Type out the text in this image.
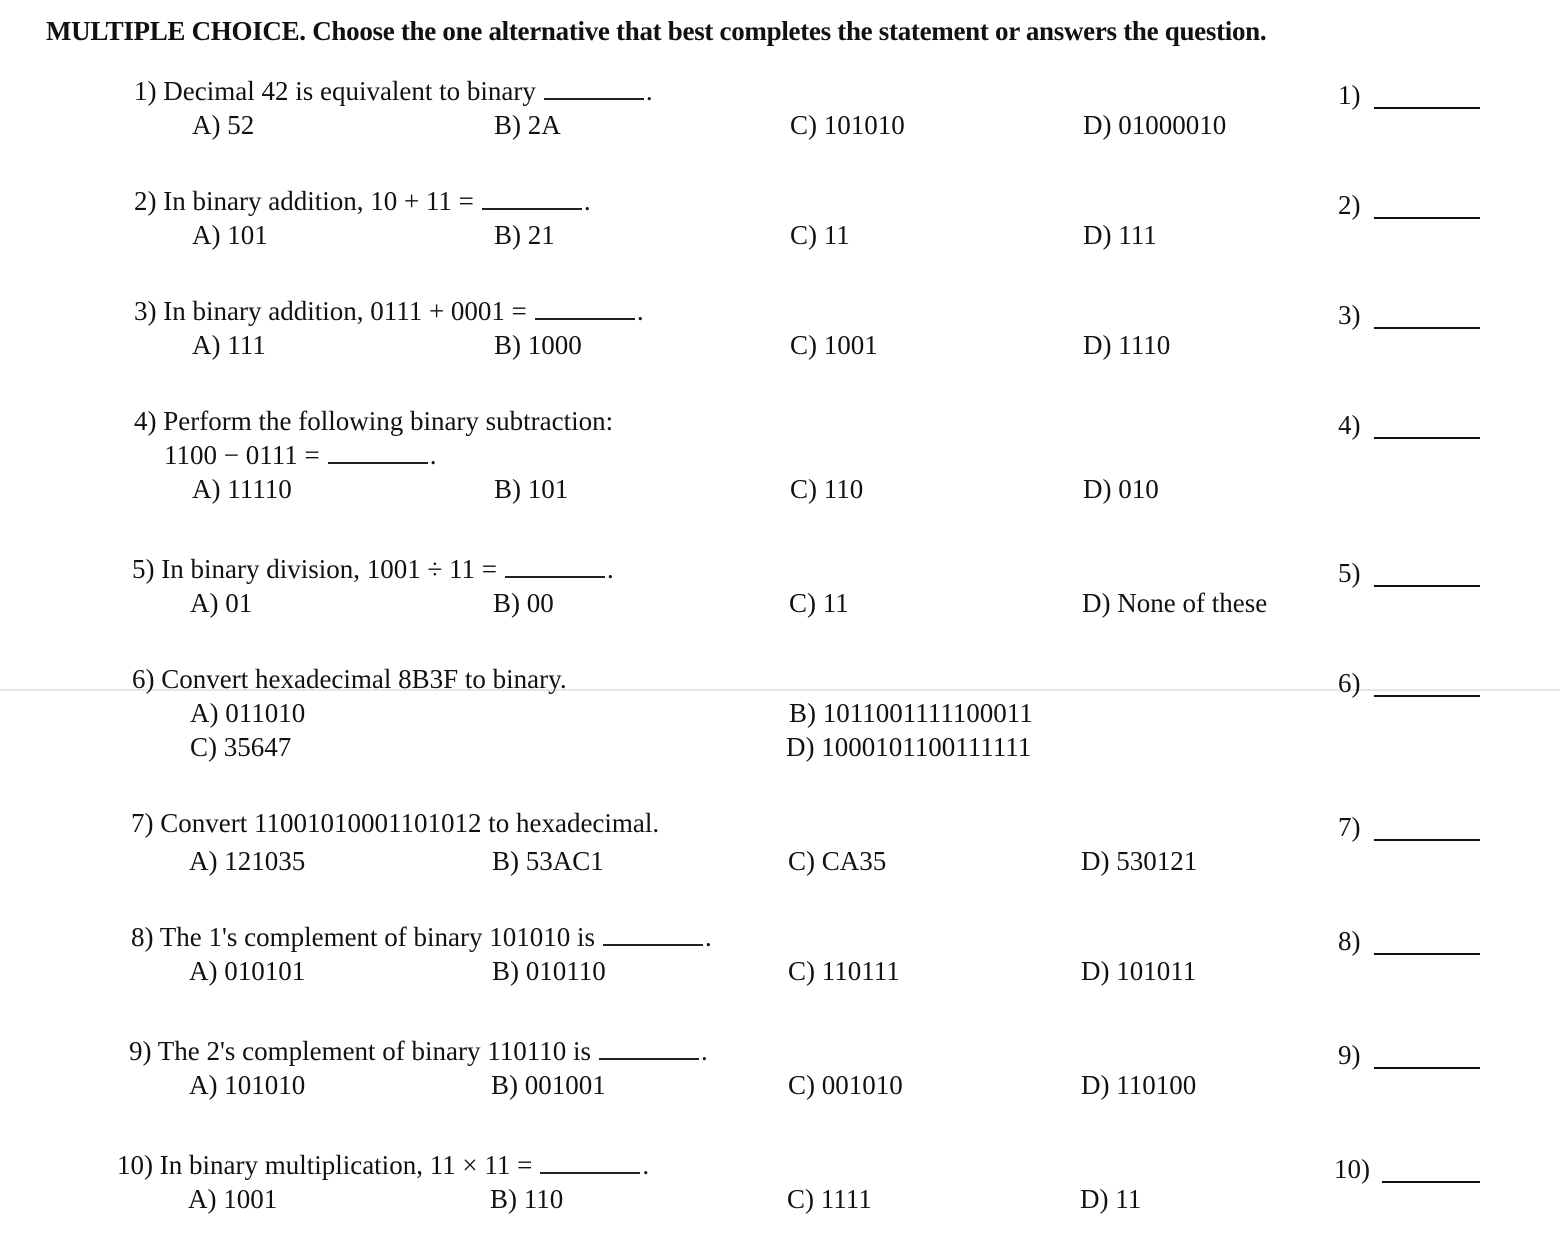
MULTIPLE CHOICE. Choose the one alternative that best completes the statement or answers the question.
1) Decimal 42 is equivalent to binary	.
A) 52	B) 2A	C) 101010	D) 01000010
1)
2) In binary addition, 10 + 11 =	.
A) 101	B) 21	C) 11	D) 111
2)
3) In binary addition, 0111 + 0001 =	.
A) 111	B) 1000	C) 1001	D) 1110
3)
4) Perform the following binary subtraction:
1100 − 0111 =	.
A) 11110	B) 101	C) 110	D) 010
4)
5) In binary division, 1001 ÷ 11 =	.
A) 01	B) 00	C) 11	D) None of these
5)
6) Convert hexadecimal 8B3F to binary.
A) 011010	B) 1011001111100011
C) 35647	D) 1000101100111111
6)
7) Convert 11001010001101012 to hexadecimal.
A) 121035	B) 53AC1	C) CA35	D) 530121
7)
8) The 1's complement of binary 101010 is	.
A) 010101	B) 010110	C) 110111	D) 101011
8)
9) The 2's complement of binary 110110 is	.
A) 101010	B) 001001	C) 001010	D) 110100
9)
10) In binary multiplication, 11 × 11 =	.
A) 1001	B) 110	C) 1111	D) 11
10)
